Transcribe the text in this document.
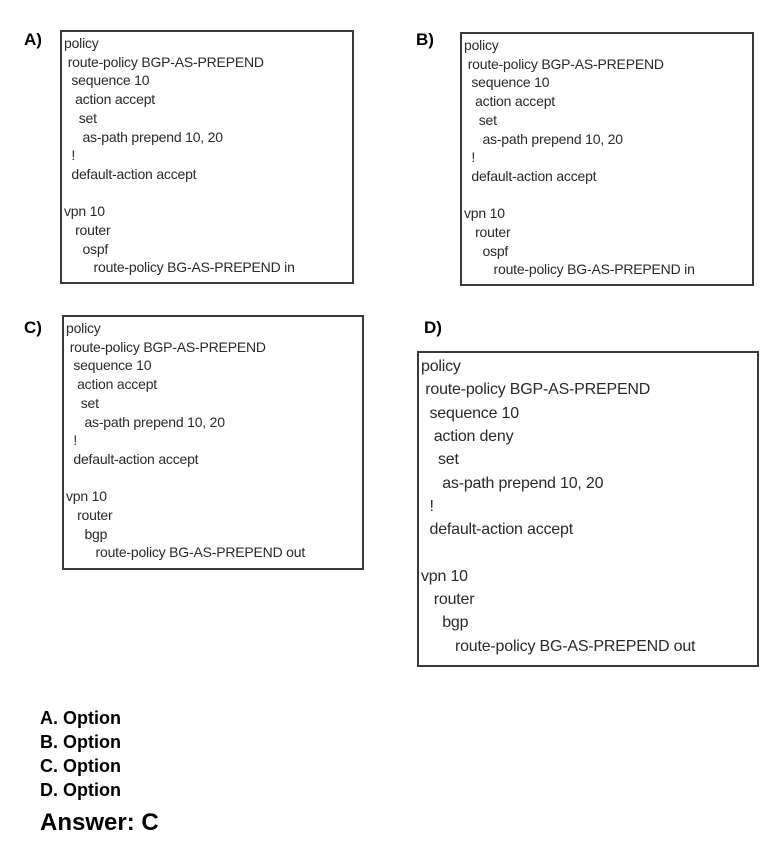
A)	B)
C)	D)
policy
route-policy BGP-AS-PREPEND
sequence 10
action accept
set
as-path prepend 10, 20
!
default-action accept
vpn 10
router
ospf
route-policy BG-AS-PREPEND in
policy
route-policy BGP-AS-PREPEND
sequence 10
action accept
set
as-path prepend 10, 20
!
default-action accept
vpn 10
router
ospf
route-policy BG-AS-PREPEND in
policy
route-policy BGP-AS-PREPEND
sequence 10
action accept
set
as-path prepend 10, 20
!
default-action accept
vpn 10
router
bgp
route-policy BG-AS-PREPEND out
policy
route-policy BGP-AS-PREPEND
sequence 10
action deny
set
as-path prepend 10, 20
!
default-action accept
vpn 10
router
bgp
route-policy BG-AS-PREPEND out
A. Option
B. Option
C. Option
D. Option
Answer: C
